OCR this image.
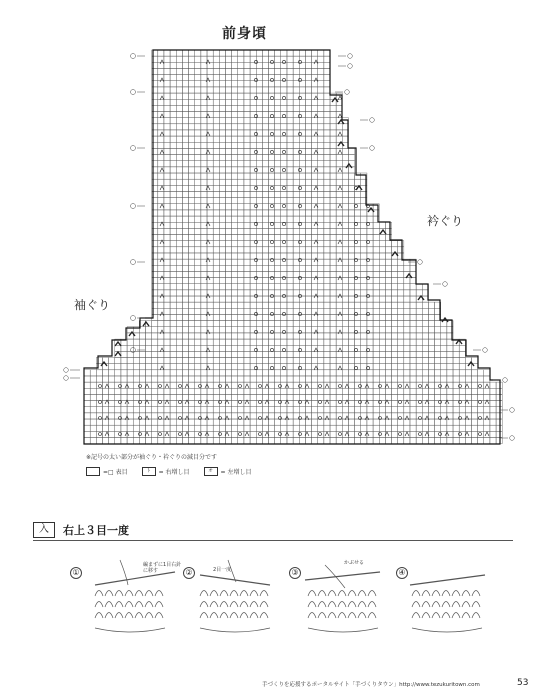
前身頃
袖ぐり
衿ぐり
※記号の太い部分が袖ぐり・衿ぐりの減目分です
=□ 表目	ト	= 右増し目	オ	= 左増し目
入	右上３目一度
①
編まずに1目右針に移す	②	2目一度	③
かぶせる
④
手づくりを応援するポータルサイト「手づくりタウン」http://www.tezukuritown.com	53
